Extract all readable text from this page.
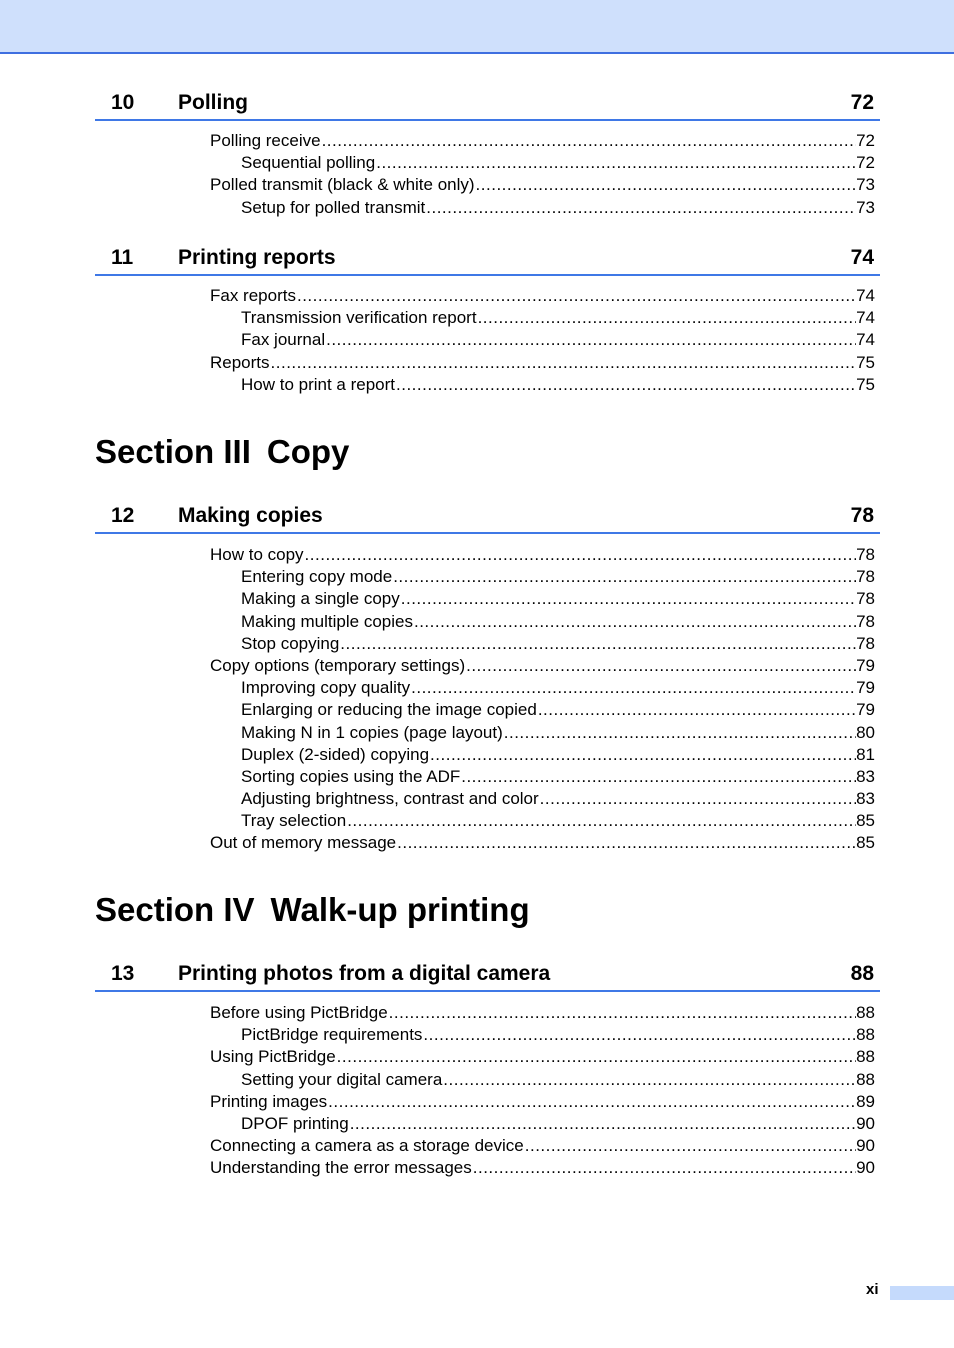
10 Polling	72
Polling receive .....	72
Sequential polling .....	72
Polled transmit (black & white only) .....	73
Setup for polled transmit .....	73
11 Printing reports	74
Fax reports .....	74
Transmission verification report .....	74
Fax journal .....	74
Reports .....	75
How to print a report .....	75
Section III Copy
12 Making copies	78
How to copy .....	78
Entering copy mode .....	78
Making a single copy .....	78
Making multiple copies .....	78
Stop copying .....	78
Copy options (temporary settings) .....	79
Improving copy quality .....	79
Enlarging or reducing the image copied .....	79
Making N in 1 copies (page layout) .....	80
Duplex (2-sided) copying .....	81
Sorting copies using the ADF .....	83
Adjusting brightness, contrast and color .....	83
Tray selection .....	85
Out of memory message .....	85
Section IV Walk-up printing
13 Printing photos from a digital camera	88
Before using PictBridge .....	88
PictBridge requirements .....	88
Using PictBridge .....	88
Setting your digital camera .....	88
Printing images .....	89
DPOF printing .....	90
Connecting a camera as a storage device .....	90
Understanding the error messages .....	90
xi
